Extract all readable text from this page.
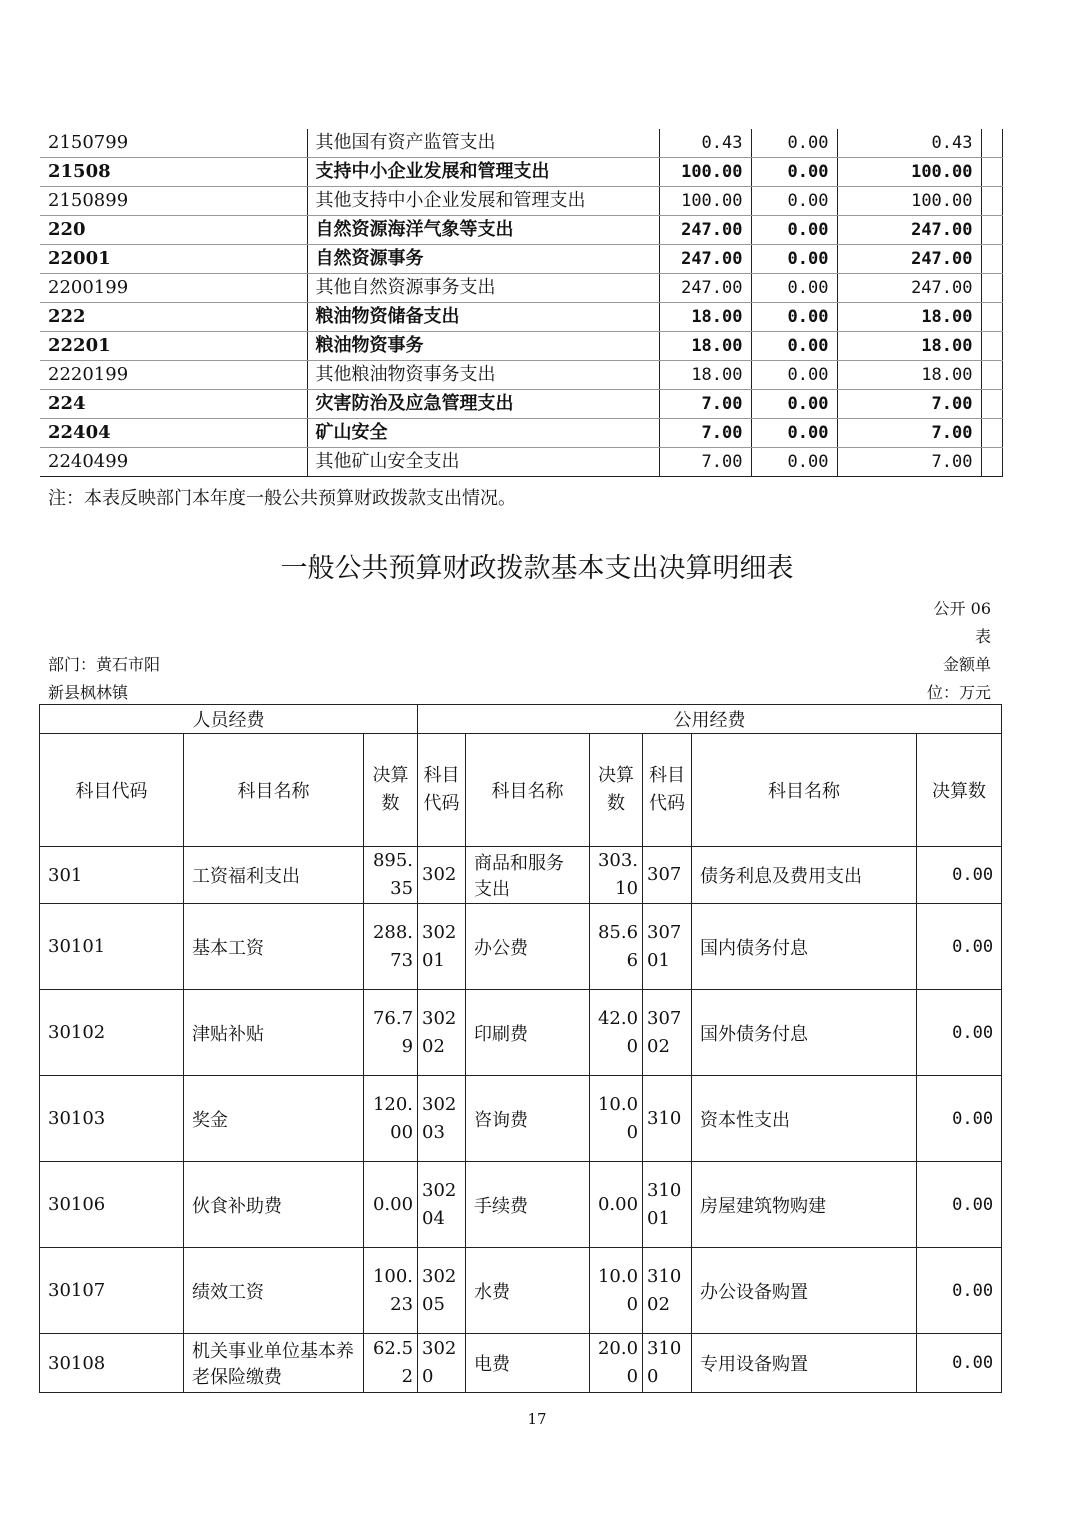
2150799	其他国有资产监管支出	0.43	0.00	0.43	
21508	支持中小企业发展和管理支出	100.00	0.00	100.00	
2150899	其他支持中小企业发展和管理支出	100.00	0.00	100.00	
220	自然资源海洋气象等支出	247.00	0.00	247.00	
22001	自然资源事务	247.00	0.00	247.00	
2200199	其他自然资源事务支出	247.00	0.00	247.00	
222	粮油物资储备支出	18.00	0.00	18.00	
22201	粮油物资事务	18.00	0.00	18.00	
2220199	其他粮油物资事务支出	18.00	0.00	18.00	
224	灾害防治及应急管理支出	7.00	0.00	7.00	
22404	矿山安全	7.00	0.00	7.00	
2240499	其他矿山安全支出	7.00	0.00	7.00	
注：本表反映部门本年度一般公共预算财政拨款支出情况。
一般公共预算财政拨款基本支出决算明细表
公开 06
表
部门：黄石市阳
新县枫林镇
金额单
位：万元
人员经费			公用经费					
科目代码	科目名称	决算数	科目代码	科目名称	决算数	科目代码	科目名称	决算数
301	工资福利支出	895.35	302	商品和服务支出	303.10	307	债务利息及费用支出	0.00
30101	基本工资	288.73	30201	办公费	85.66	30701	国内债务付息	0.00
30102	津贴补贴	76.79	30202	印刷费	42.00	30702	国外债务付息	0.00
30103	奖金	120.00	30203	咨询费	10.00	310	资本性支出	0.00
30106	伙食补助费	0.00	30204	手续费	0.00	31001	房屋建筑物购建	0.00
30107	绩效工资	100.23	30205	水费	10.00	31002	办公设备购置	0.00
30108	机关事业单位基本养老保险缴费	62.52	3020	电费	20.00	3100	专用设备购置	0.00
17
